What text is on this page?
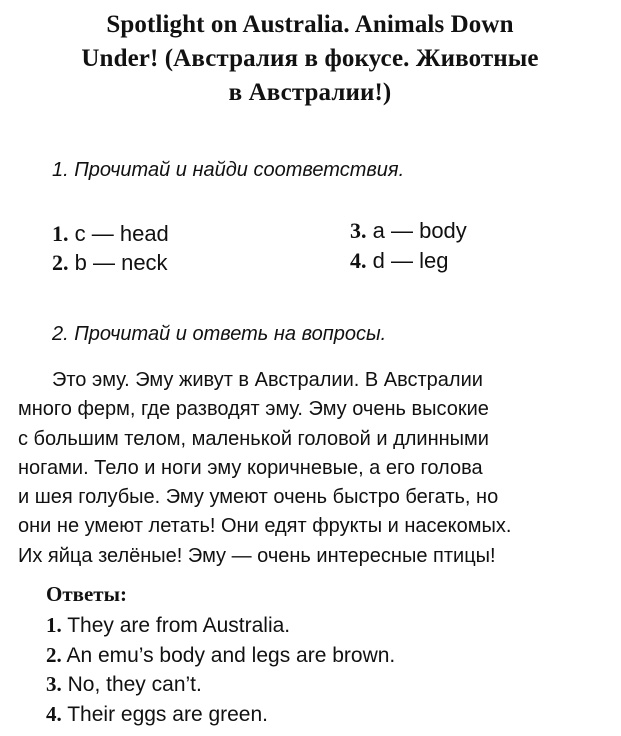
Spotlight on Australia. Animals Down
Under! (Австралия в фокусе. Животные
в Австралии!)
1. Прочитай и найди соответствия.
1. c — head
2. b — neck
3. a — body
4. d — leg
2. Прочитай и ответь на вопросы.
Это эму. Эму живут в Австралии. В Австралии
много ферм, где разводят эму. Эму очень высокие
с большим телом, маленькой головой и длинными
ногами. Тело и ноги эму коричневые, а его голова
и шея голубые. Эму умеют очень быстро бегать, но
они не умеют летать! Они едят фрукты и насекомых.
Их яйца зелёные! Эму — очень интересные птицы!
Ответы:
1. They are from Australia.
2. An emu’s body and legs are brown.
3. No, they can’t.
4. Their eggs are green.
